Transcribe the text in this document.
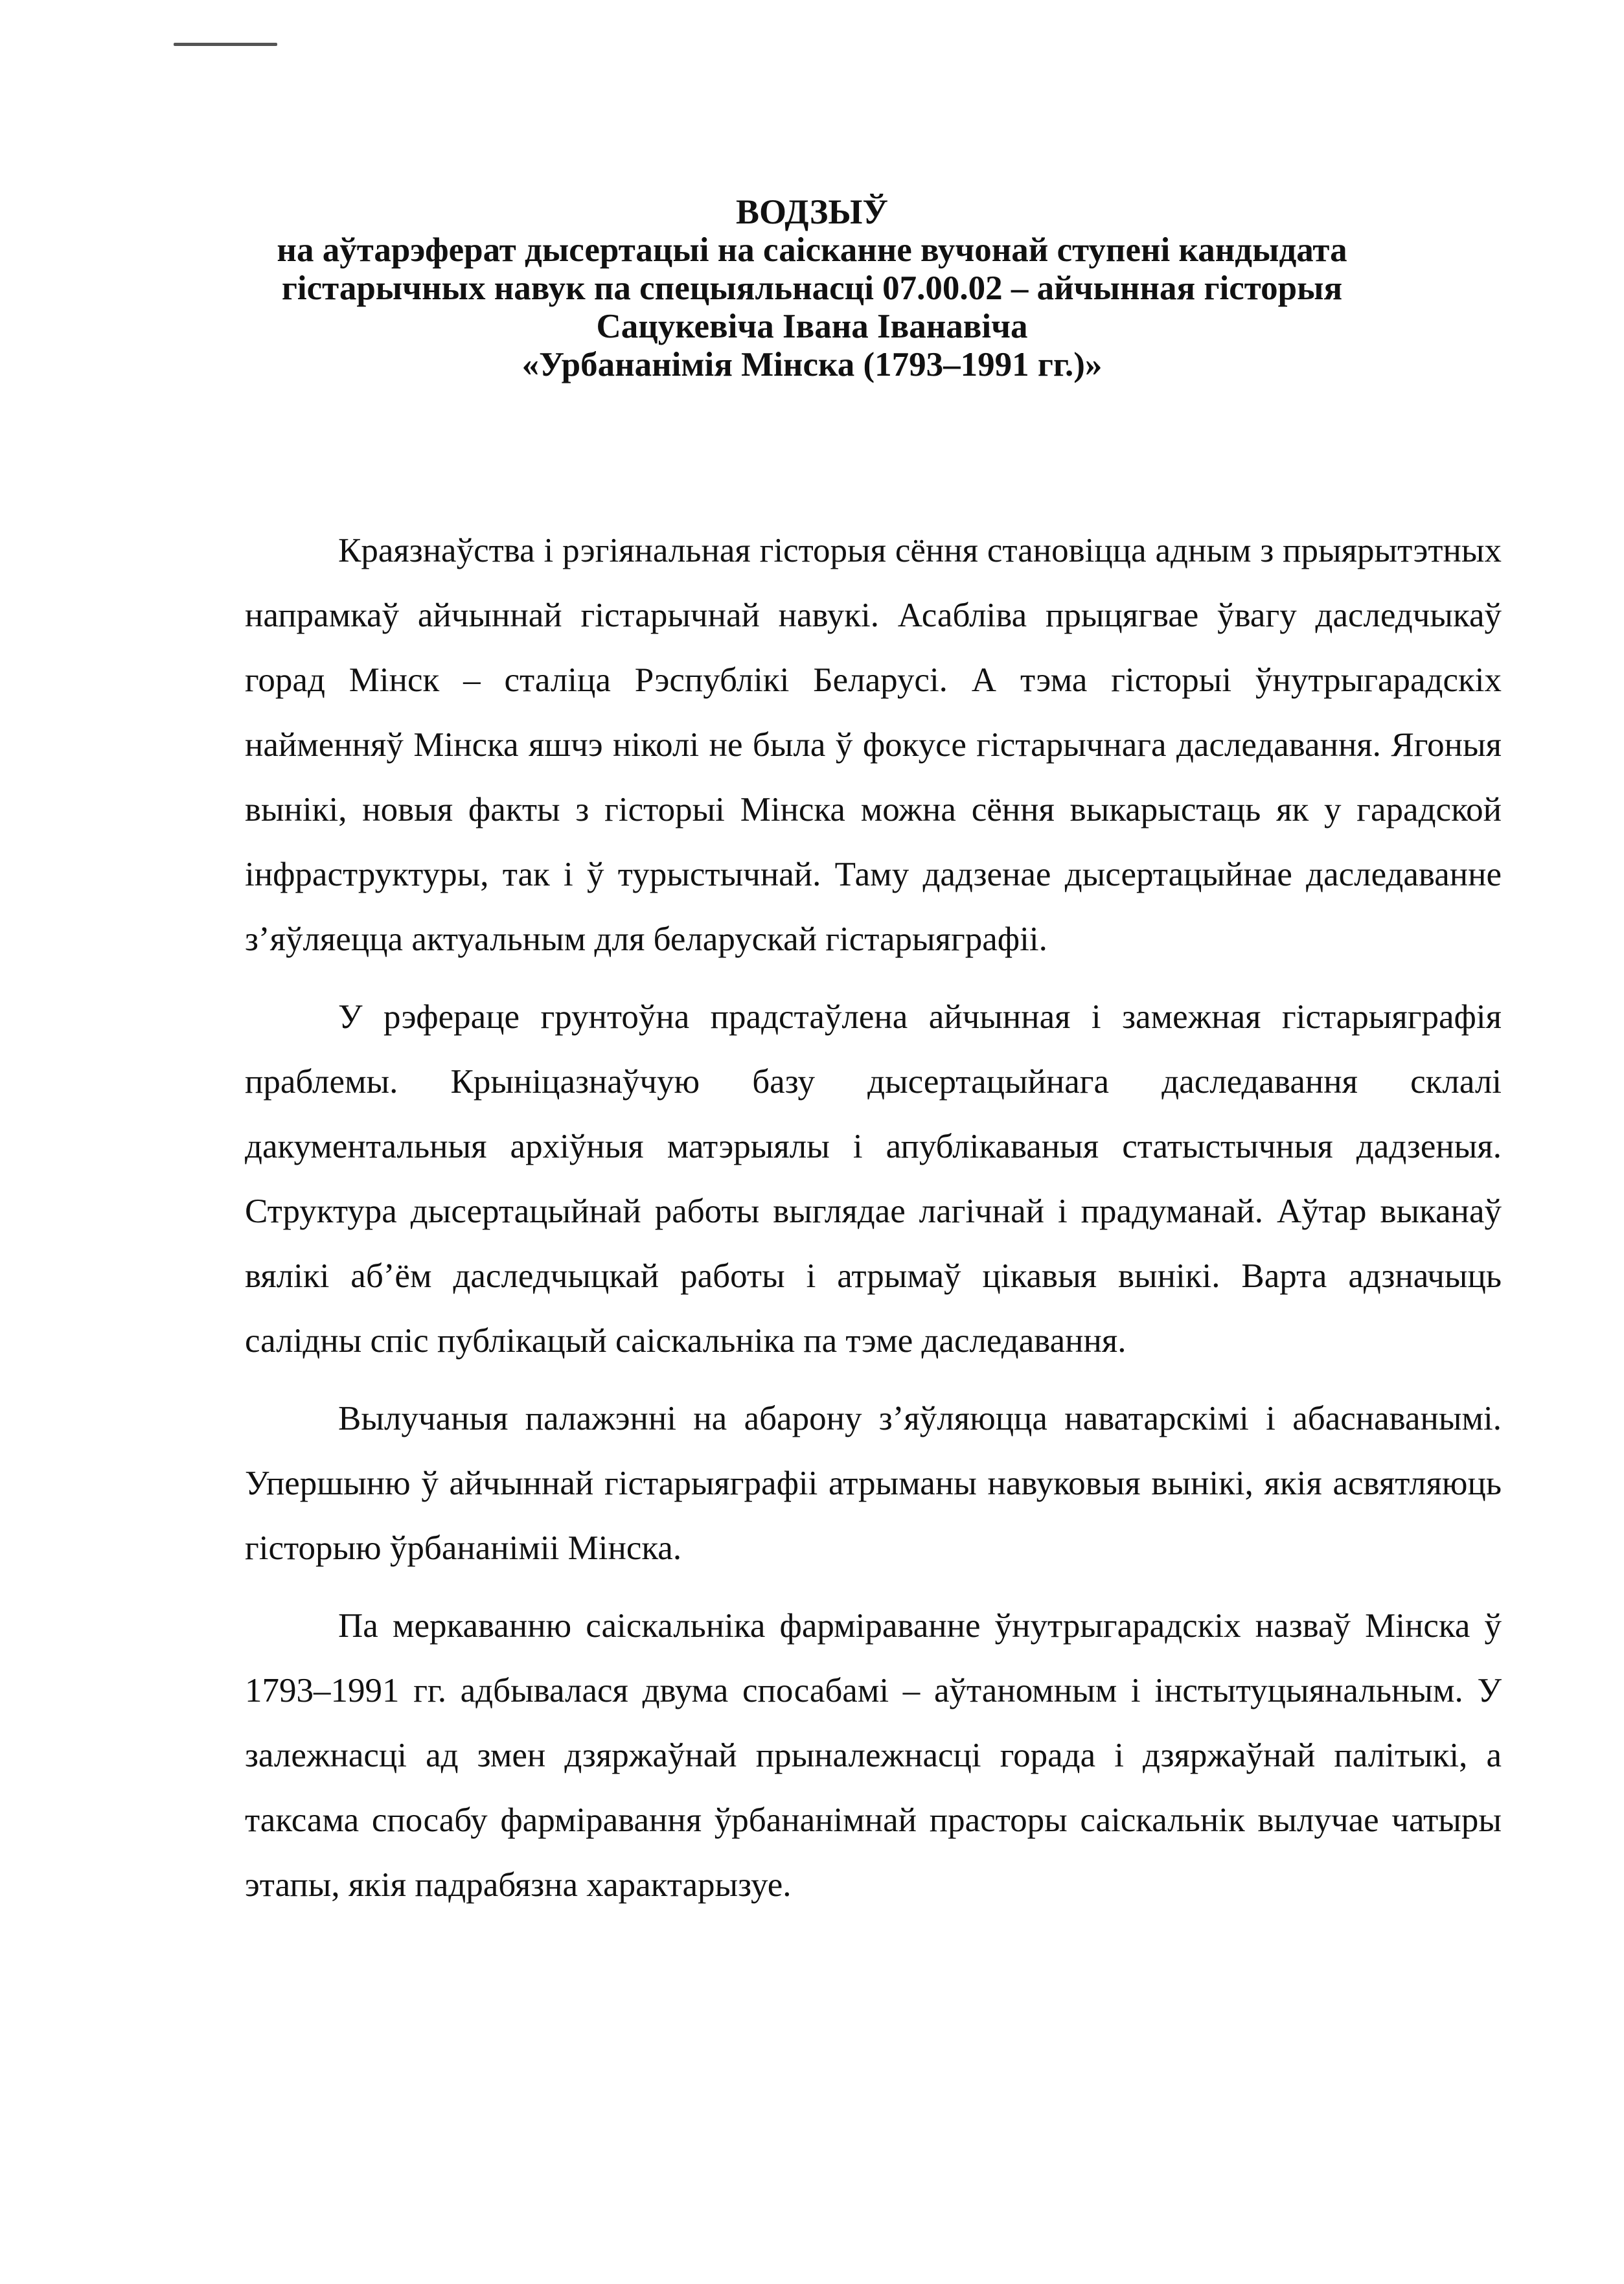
ВОДЗЫЎ
на аўтарэферат дысертацыі на саісканне вучонай ступені кандыдата
гістарычных навук па спецыяльнасці 07.00.02 – айчынная гісторыя
Сацукевіча Івана Іванавіча
«Урбананімія Мінска (1793–1991 гг.)»

Краязнаўства і рэгіянальная гісторыя сёння становіцца адным з прыярытэтных напрамкаў айчыннай гістарычнай навукі. Асабліва прыцягвае ўвагу даследчыкаў горад Мінск – сталіца Рэспублікі Беларусі. А тэма гісторыі ўнутрыгарадскіх найменняў Мінска яшчэ ніколі не была ў фокусе гістарычнага даследавання. Ягоныя вынікі, новыя факты з гісторыі Мінска можна сёння выкарыстаць як у гарадской інфраструктуры, так і ў турыстычнай. Таму дадзенае дысертацыйнае даследаванне з’яўляецца актуальным для беларускай гістарыяграфіі.

У рэфераце грунтоўна прадстаўлена айчынная і замежная гістарыяграфія праблемы. Крыніцазнаўчую базу дысертацыйнага даследавання склалі дакументальныя архіўныя матэрыялы і апублікаваныя статыстычныя дадзеныя. Структура дысертацыйнай работы выглядае лагічнай і прадуманай. Аўтар выканаў вялікі аб’ём даследчыцкай работы і атрымаў цікавыя вынікі. Варта адзначыць салідны спіс публікацый саіскальніка па тэме даследавання.

Вылучаныя палажэнні на абарону з’яўляюцца наватарскімі і абаснаванымі. Упершыню ў айчыннай гістарыяграфіі атрыманы навуковыя вынікі, якія асвятляюць гісторыю ўрбананіміі Мінска.

Па меркаванню саіскальніка фарміраванне ўнутрыгарадскіх назваў Мінска ў 1793–1991 гг. адбывалася двума спосабамі – аўтаномным і інстытуцыянальным. У залежнасці ад змен дзяржаўнай прыналежнасці горада і дзяржаўнай палітыкі, а таксама спосабу фарміравання ўрбананімнай прасторы саіскальнік вылучае чатыры этапы, якія падрабязна характарызуе.
